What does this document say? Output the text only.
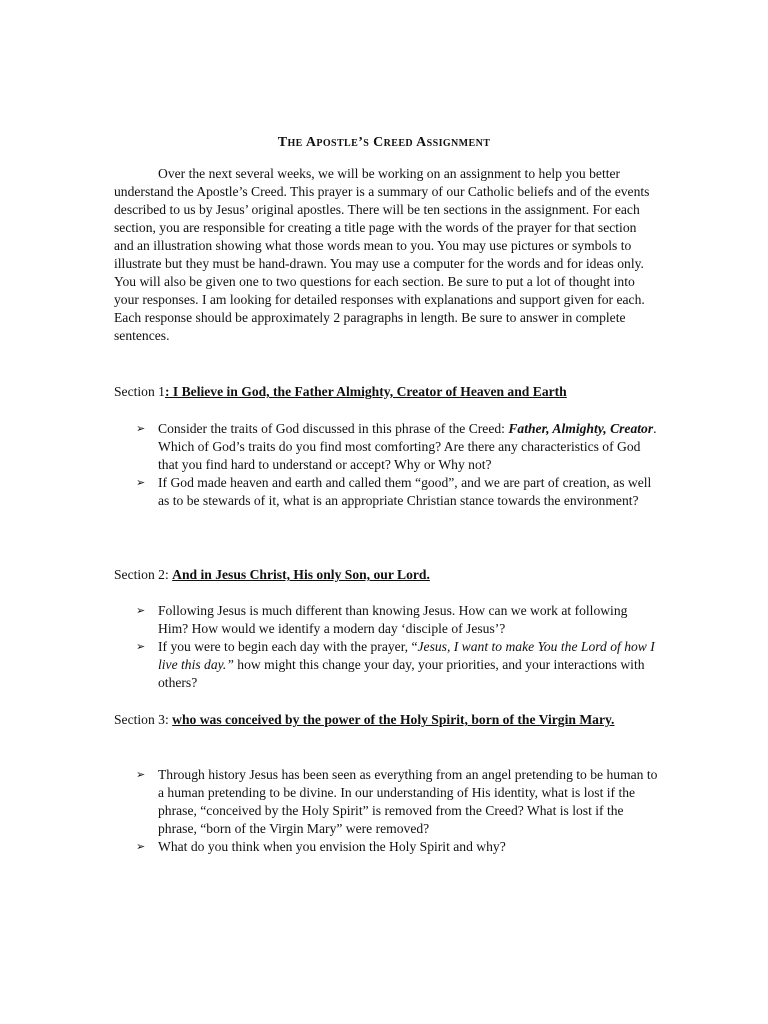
The Apostle’s Creed Assignment

Over the next several weeks, we will be working on an assignment to help you better understand the Apostle’s Creed. This prayer is a summary of our Catholic beliefs and of the events described to us by Jesus’ original apostles. There will be ten sections in the assignment. For each section, you are responsible for creating a title page with the words of the prayer for that section and an illustration showing what those words mean to you. You may use pictures or symbols to illustrate but they must be hand-drawn. You may use a computer for the words and for ideas only. You will also be given one to two questions for each section. Be sure to put a lot of thought into your responses. I am looking for detailed responses with explanations and support given for each. Each response should be approximately 2 paragraphs in length. Be sure to answer in complete sentences.

Section 1: I Believe in God, the Father Almighty, Creator of Heaven and Earth

➢ Consider the traits of God discussed in this phrase of the Creed: Father, Almighty, Creator. Which of God’s traits do you find most comforting? Are there any characteristics of God that you find hard to understand or accept? Why or Why not?
➢ If God made heaven and earth and called them “good”, and we are part of creation, as well as to be stewards of it, what is an appropriate Christian stance towards the environment?

Section 2: And in Jesus Christ, His only Son, our Lord.

➢ Following Jesus is much different than knowing Jesus. How can we work at following Him? How would we identify a modern day ‘disciple of Jesus’?
➢ If you were to begin each day with the prayer, “Jesus, I want to make You the Lord of how I live this day.” how might this change your day, your priorities, and your interactions with others?

Section 3: who was conceived by the power of the Holy Spirit, born of the Virgin Mary.

➢ Through history Jesus has been seen as everything from an angel pretending to be human to a human pretending to be divine. In our understanding of His identity, what is lost if the phrase, “conceived by the Holy Spirit” is removed from the Creed? What is lost if the phrase, “born of the Virgin Mary” were removed?
➢ What do you think when you envision the Holy Spirit and why?
